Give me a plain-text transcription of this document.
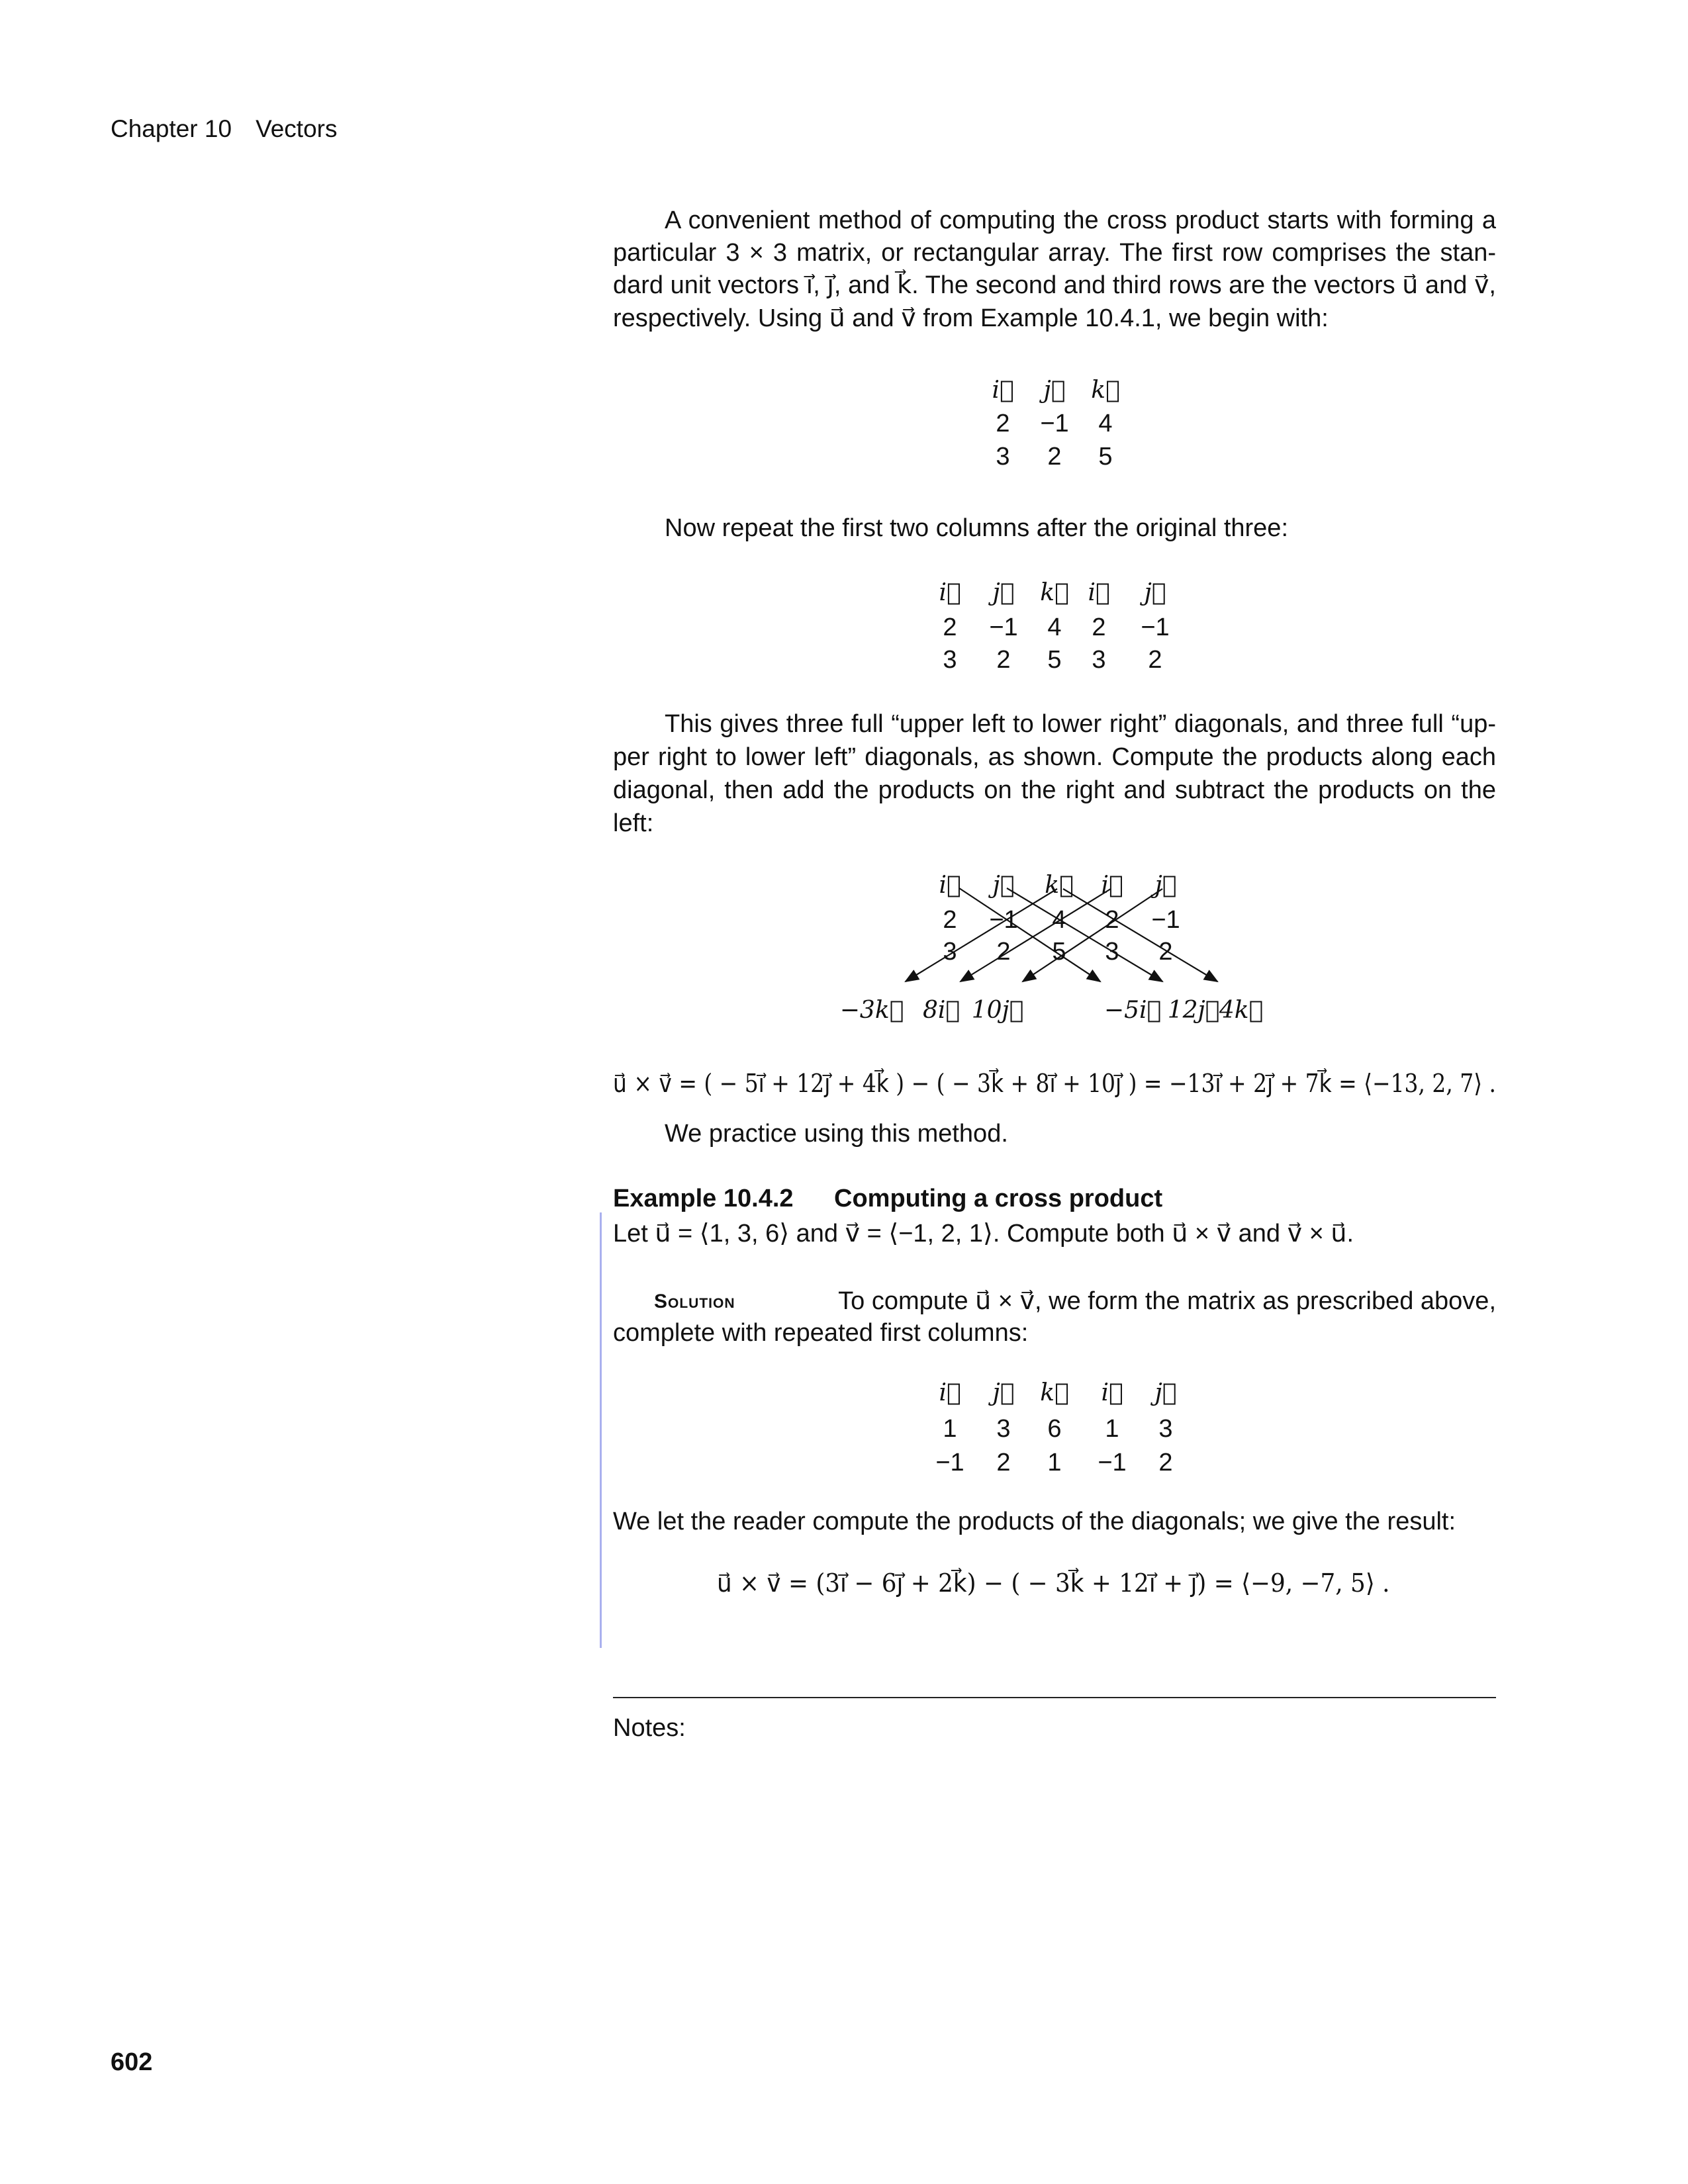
Chapter 10 Vectors
A convenient method of computing the cross product starts with forming a
particular 3 × 3 matrix, or rectangular array. The first row comprises the stan-
dard unit vectors i⃗, j⃗, and k⃗. The second and third rows are the vectors u⃗ and v⃗,
respectively. Using u⃗ and v⃗ from Example 10.4.1, we begin with:
i⃗ j⃗ k⃗
2 −1 4
3 2 5
Now repeat the first two columns after the original three:
i⃗ j⃗ k⃗ i⃗ j⃗
2 −1 4 2 −1
3 2 5 3 2
This gives three full “upper left to lower right” diagonals, and three full “up-
per right to lower left” diagonals, as shown. Compute the products along each
diagonal, then add the products on the right and subtract the products on the
left:
−3k⃗ 8i⃗ 10j⃗	−5i⃗ 12j⃗ 4k⃗
i⃗ j⃗ k⃗ i⃗ j⃗
2 −1 4 2 −1
3 2 5 3 2
u⃗ × v⃗ = ( − 5i⃗ + 12j⃗ + 4k⃗ ) − ( − 3k⃗ + 8i⃗ + 10j⃗ ) = −13i⃗ + 2j⃗ + 7k⃗ = ⟨−13, 2, 7⟩ .
We practice using this method.
Example 10.4.2 Computing a cross product
Let u⃗ = ⟨1, 3, 6⟩ and v⃗ = ⟨−1, 2, 1⟩. Compute both u⃗ × v⃗ and v⃗ × u⃗.
Solution	To compute u⃗ × v⃗, we form the matrix as prescribed above,
complete with repeated first columns:
i⃗ j⃗ k⃗ i⃗ j⃗
1 3 6 1 3
−1 2 1 −1 2
We let the reader compute the products of the diagonals; we give the result:
u⃗ × v⃗ = (3i⃗ − 6j⃗ + 2k⃗) − ( − 3k⃗ + 12i⃗ + j⃗) = ⟨−9, −7, 5⟩ .
Notes:
602
